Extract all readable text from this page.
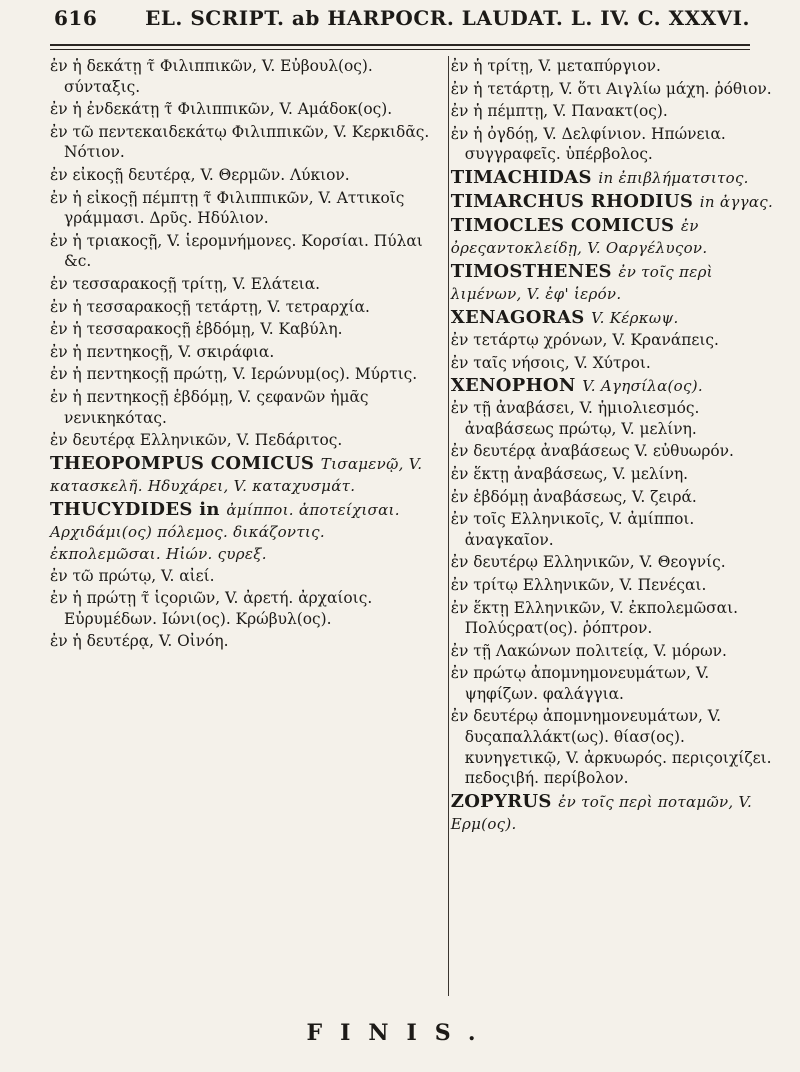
616 EL. SCRIPT. ab HARPOCR. LAUDAT. L. IV. C. XXXVI.
ἐν ἡ δεκάτῃ τ̃ Φιλιππικῶν, V. Εὐβουλ(ος). σύνταξις.
ἐν ἡ ἐνδεκάτῃ τ̃ Φιλιππικῶν, V. Αμάδοκ(ος).
ἐν τῶ πεντεκαιδεκάτῳ Φιλιππικῶν, V. Κερκιδᾶς. Νότιον.
ἐν εἰκοςῇ δευτέρᾳ, V. Θερμῶν. Λύκιον.
ἐν ἡ εἰκοςῇ πέμπτῃ τ̃ Φιλιππικῶν, V. Αττικοῖς γράμμασι. Δρῦς. Ηδύλιον.
ἐν ἡ τριακοςῇ, V. ἱερομνήμονες. Κορσίαι. Πύλαι &c.
ἐν τεσσαρακοςῇ τρίτῃ, V. Ελάτεια.
ἐν ἡ τεσσαρακοςῇ τετάρτῃ, V. τετραρχία.
ἐν ἡ τεσσαρακοςῇ ἑβδόμῃ, V. Καβύλη.
ἐν ἡ πεντηκοςῇ, V. σκιράφια.
ἐν ἡ πεντηκοςῇ πρώτῃ, V. Ιερώνυμ(ος). Μύρτις.
ἐν ἡ πεντηκοςῇ ἑβδόμῃ, V. ςεφανῶν ἡμᾶς νενικηκότας.
ἐν δευτέρᾳ Ελληνικῶν, V. Πεδάριτος.
THEOPOMPUS COMICUS Τισαμενῷ, V. κατασκελῆ. Ηδυχάρει, V. καταχυσμάτ.
THUCYDIDES in ἀμίπποι. ἀποτείχισαι. Αρχιδάμι(ος) πόλεμος. δικάζοντις. ἐκπολεμῶσαι. Ηἰών. ςυρεξ.
ἐν τῶ πρώτῳ, V. αἰεί.
ἐν ἡ πρώτῃ τ̃ ἱςοριῶν, V. ἀρετή. ἀρχαίοις. Εὐρυμέδων. Ιώνι(ος). Κρώβυλ(ος).
ἐν ἡ δευτέρᾳ, V. Οἰνόη.
ἐν ἡ τρίτῃ, V. μεταπύργιον.
ἐν ἡ τετάρτῃ, V. ὅτι Αιγλίω μάχη. ῥόθιον.
ἐν ἡ πέμπτῃ, V. Πανακτ(ος).
ἐν ἡ ὀγδόῃ, V. Δελφίνιον. Ηπώνεια. συγγραφεῖς. ὑπέρβολος.
TIMACHIDAS in ἐπιβλήματσιτος.
TIMARCHUS RHODIUS in ἀγγας.
TIMOCLES COMICUS ἐν ὀρεςαντοκλείδῃ, V. Οαργέλυςον.
TIMOSTHENES ἐν τοῖς περὶ λιμένων, V. ἐφ' ἱερόν.
XENAGORAS V. Κέρκωψ.
ἐν τετάρτῳ χρόνων, V. Κρανάπεις.
ἐν ταῖς νήσοις, V. Χύτροι.
XENOPHON V. Αγησίλα(ος).
ἐν τῇ ἀναβάσει, V. ἡμιολιεσμός. ἀναβάσεως πρώτῳ, V. μελίνη.
ἐν δευτέρᾳ ἀναβάσεως V. εὐθυωρόν.
ἐν ἕκτῃ ἀναβάσεως, V. μελίνη.
ἐν ἑβδόμῃ ἀναβάσεως, V. ζειρά.
ἐν τοῖς Ελληνικοῖς, V. ἀμίπποι. ἀναγκαῖον.
ἐν δευτέρῳ Ελληνικῶν, V. Θεογνίς.
ἐν τρίτῳ Ελληνικῶν, V. Πενέςαι.
ἐν ἕκτῃ Ελληνικῶν, V. ἐκπολεμῶσαι. Πολύςρατ(ος). ῥόπτρον.
ἐν τῇ Λακώνων πολιτείᾳ, V. μόρων.
ἐν πρώτῳ ἀπομνημονευμάτων, V. ψηφίζων. φαλάγγια.
ἐν δευτέρῳ ἀπομνημονευμάτων, V. δυςαπαλλάκτ(ως). θίασ(ος). κυνηγετικῷ, V. ἀρκυωρός. περιςοιχίζει. πεδοςιβή. περίβολον.
ZOPYRUS ἐν τοῖς περὶ ποταμῶν, V. Ερμ(ος).
FINIS.
